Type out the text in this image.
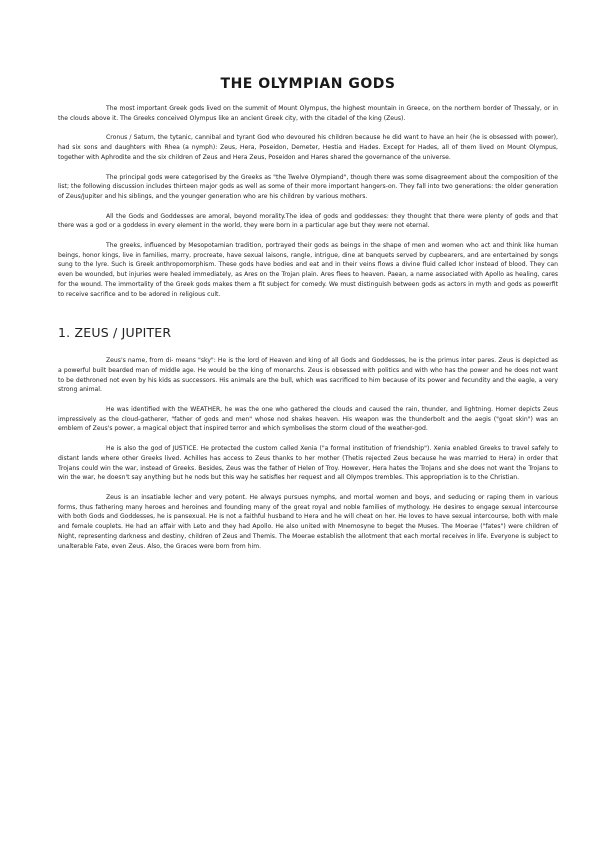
THE OLYMPIAN GODS

The most important Greek gods lived on the summit of Mount Olympus, the highest mountain in Greece, on the northern border of Thessaly, or in the clouds above it. The Greeks conceived Olympus like an ancient Greek city, with the citadel of the king (Zeus).

Cronus / Saturn, the tytanic, cannibal and tyrant God who devoured his children because he did want to have an heir (he is obsessed with power), had six sons and daughters with Rhea (a nymph): Zeus, Hera, Poseidon, Demeter, Hestia and Hades. Except for Hades, all of them lived on Mount Olympus, together with Aphrodite and the six children of Zeus and Hera Zeus, Poseidon and Hares shared the governance of the universe.

The principal gods were categorised by the Greeks as "the Twelve Olympiand", though there was some disagreement about the composition of the list; the following discussion includes thirteen major gods as well as some of their more important hangers-on. They fall into two generations: the older generation of Zeus/Jupiter and his siblings, and the younger generation who are his children by various mothers.

All the Gods and Goddesses are amoral, beyond morality.The idea of gods and goddesses: they thought that there were plenty of gods and that there was a god or a goddess in every element in the world, they were born in a particular age but they were not eternal.

The greeks, influenced by Mesopotamian tradition, portrayed their gods as beings in the shape of men and women who act and think like human beings, honor kings, live in families, marry, procreate, have sexual laisons, rangle, intrigue, dine at banquets served by cupbearers, and are entertained by songs sung to the lyre. Such is Greek anthropomorphism. These gods have bodies and eat and in their veins flows a divine fluid called Ichor instead of blood. They can even be wounded, but injuries were healed immediately, as Ares on the Trojan plain. Ares flees to heaven. Paean, a name associated with Apollo as healing, cares for the wound. The immortality of the Greek gods makes them a fit subject for comedy. We must distinguish between gods as actors in myth and gods as powerfit to receive sacrifice and to be adored in religious cult.

1. ZEUS / JUPITER

Zeus's name, from di- means "sky": He is the lord of Heaven and king of all Gods and Goddesses, he is the primus inter pares. Zeus is depicted as a powerful built bearded man of middle age. He would be the king of monarchs. Zeus is obsessed with politics and with who has the power and he does not want to be dethroned not even by his kids as successors. His animals are the bull, which was sacrificed to him because of its power and fecundity and the eagle, a very strong animal.

He was identified with the WEATHER, he was the one who gathered the clouds and caused the rain, thunder, and lightning. Homer depicts Zeus impressively as the cloud-gatherer, "father of gods and men" whose nod shakes heaven. His weapon was the thunderbolt and the aegis ("goat skin") was an emblem of Zeus's power, a magical object that inspired terror and which symbolises the storm cloud of the weather-god.

He is also the god of JUSTICE. He protected the custom called Xenia ("a formal institution of friendship"). Xenia enabled Greeks to travel safely to distant lands where other Greeks lived. Achilles has access to Zeus thanks to her mother (Thetis rejected Zeus because he was married to Hera) in order that Trojans could win the war, instead of Greeks. Besides, Zeus was the father of Helen of Troy. However, Hera hates the Trojans and she does not want the Trojans to win the war, he doesn't say anything but he nods but this way he satisfies her request and all Olympos trembles. This appropriation is to the Christian.

Zeus is an insatiable lecher and very potent. He always pursues nymphs, and mortal women and boys, and seducing or raping them in various forms, thus fathering many heroes and heroines and founding many of the great royal and noble families of mythology. He desires to engage sexual intercourse with both Gods and Goddesses, he is pansexual. He is not a faithful husband to Hera and he will cheat on her. He loves to have sexual intercourse, both with male and female couplets. He had an affair with Leto and they had Apollo. He also united with Mnemosyne to beget the Muses. The Moerae ("fates") were children of Night, representing darkness and destiny, children of Zeus and Themis. The Moerae establish the allotment that each mortal receives in life. Everyone is subject to unalterable Fate, even Zeus. Also, the Graces were born from him.
